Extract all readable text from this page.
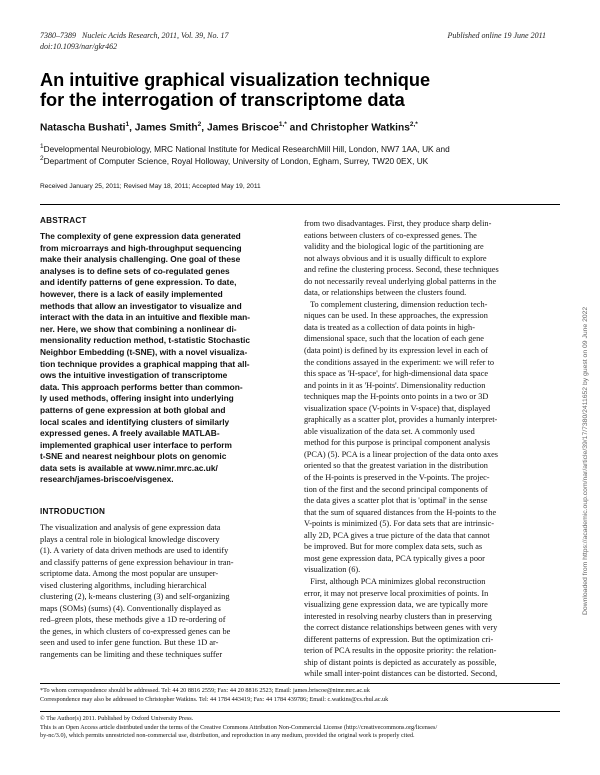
7380–7389 Nucleic Acids Research, 2011, Vol. 39, No. 17
doi:10.1093/nar/gkr462
Published online 19 June 2011
An intuitive graphical visualization technique
for the interrogation of transcriptome data
Natascha Bushati$^1$, James Smith$^2$, James Briscoe$^{1,*}$ and Christopher Watkins$^{2,*}$
$^1$Developmental Neurobiology, MRC National Institute for Medical ResearchMill Hill, London, NW7 1AA, UK and
$^2$Department of Computer Science, Royal Holloway, University of London, Egham, Surrey, TW20 0EX, UK
Received January 25, 2011; Revised May 18, 2011; Accepted May 19, 2011
ABSTRACT
The complexity of gene expression data generated
from microarrays and high-throughput sequencing
make their analysis challenging. One goal of these
analyses is to define sets of co-regulated genes
and identify patterns of gene expression. To date,
however, there is a lack of easily implemented
methods that allow an investigator to visualize and
interact with the data in an intuitive and flexible man-
ner. Here, we show that combining a nonlinear di-
mensionality reduction method, t-statistic Stochastic
Neighbor Embedding (t-SNE), with a novel visualiza-
tion technique provides a graphical mapping that all-
ows the intuitive investigation of transcriptome
data. This approach performs better than common-
ly used methods, offering insight into underlying
patterns of gene expression at both global and
local scales and identifying clusters of similarly
expressed genes. A freely available MATLAB-
implemented graphical user interface to perform
t-SNE and nearest neighbour plots on genomic
data sets is available at www.nimr.mrc.ac.uk/
research/james-briscoe/visgenex.
INTRODUCTION
The visualization and analysis of gene expression data
plays a central role in biological knowledge discovery
(1). A variety of data driven methods are used to identify
and classify patterns of gene expression behaviour in tran-
scriptome data. Among the most popular are unsuper-
vised clustering algorithms, including hierarchical
clustering (2), k-means clustering (3) and self-organizing
maps (SOMs) (sums) (4). Conventionally displayed as
red–green plots, these methods give a 1D re-ordering of
the genes, in which clusters of co-expressed genes can be
seen and used to infer gene function. But these 1D ar-
rangements can be limiting and these techniques suffer
from two disadvantages. First, they produce sharp delin-
eations between clusters of co-expressed genes. The
validity and the biological logic of the partitioning are
not always obvious and it is usually difficult to explore
and refine the clustering process. Second, these techniques
do not necessarily reveal underlying global patterns in the
data, or relationships between the clusters found.
To complement clustering, dimension reduction tech-
niques can be used. In these approaches, the expression
data is treated as a collection of data points in high-
dimensional space, such that the location of each gene
(data point) is defined by its expression level in each of
the conditions assayed in the experiment: we will refer to
this space as 'H-space', for high-dimensional data space
and points in it as 'H-points'. Dimensionality reduction
techniques map the H-points onto points in a two or 3D
visualization space (V-points in V-space) that, displayed
graphically as a scatter plot, provides a humanly interpret-
able visualization of the data set. A commonly used
method for this purpose is principal component analysis
(PCA) (5). PCA is a linear projection of the data onto axes
oriented so that the greatest variation in the distribution
of the H-points is preserved in the V-points. The projec-
tion of the first and the second principal components of
the data gives a scatter plot that is 'optimal' in the sense
that the sum of squared distances from the H-points to the
V-points is minimized (5). For data sets that are intrinsic-
ally 2D, PCA gives a true picture of the data that cannot
be improved. But for more complex data sets, such as
most gene expression data, PCA typically gives a poor
visualization (6).
First, although PCA minimizes global reconstruction
error, it may not preserve local proximities of points. In
visualizing gene expression data, we are typically more
interested in resolving nearby clusters than in preserving
the correct distance relationships between genes with very
different patterns of expression. But the optimization cri-
terion of PCA results in the opposite priority: the relation-
ship of distant points is depicted as accurately as possible,
while small inter-point distances can be distorted. Second,
*To whom correspondence should be addressed. Tel: 44 20 8816 2559; Fax: 44 20 8816 2523; Email: james.briscoe@nimr.mrc.ac.uk
Correspondence may also be addressed to Christopher Watkins. Tel: 44 1784 443419; Fax: 44 1784 439786; Email: c.watkins@cs.rhul.ac.uk
© The Author(s) 2011. Published by Oxford University Press.
This is an Open Access article distributed under the terms of the Creative Commons Attribution Non-Commercial License (http://creativecommons.org/licenses/
by-nc/3.0), which permits unrestricted non-commercial use, distribution, and reproduction in any medium, provided the original work is properly cited.
Downloaded from https://academic.oup.com/nar/article/39/17/7380/2411652 by guest on 09 June 2022
